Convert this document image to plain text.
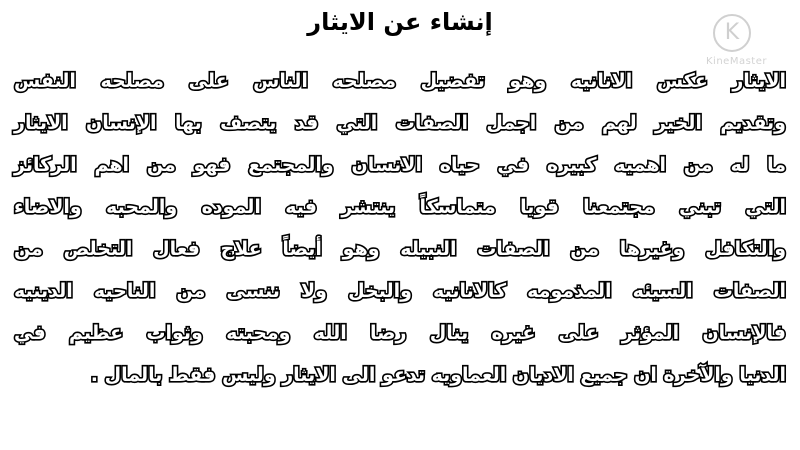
إنشاء عن الايثار	K
KineMaster
الايثار عكس الانانيه وهو تفضيل مصلحه الناس على مصلحه النفس
وتقديم الخير لهم من اجمل الصفات التي قد يتصف بها الإنسان الايثار
ما له من اهميه كبيره في حياه الانسان والمجتمع فهو من اهم الركائز
التي تبني مجتمعنا قويا متماسكاً ينتشر فيه الموده والمحبه والاضاء
والتكافل وغيرها من الصفات النبيله وهو أيضاً علاج فعال التخلص من
الصفات السيئه المذمومه كالانانيه والبخل ولا ننسى من الناحيه الدينيه
فالإنسان المؤثر على غيره ينال رضا الله ومحبته وثواب عظيم في
الدنيا والآخرة ان جميع الاديان العماويه تدعو الى الايثار وليس فقط بالمال .
